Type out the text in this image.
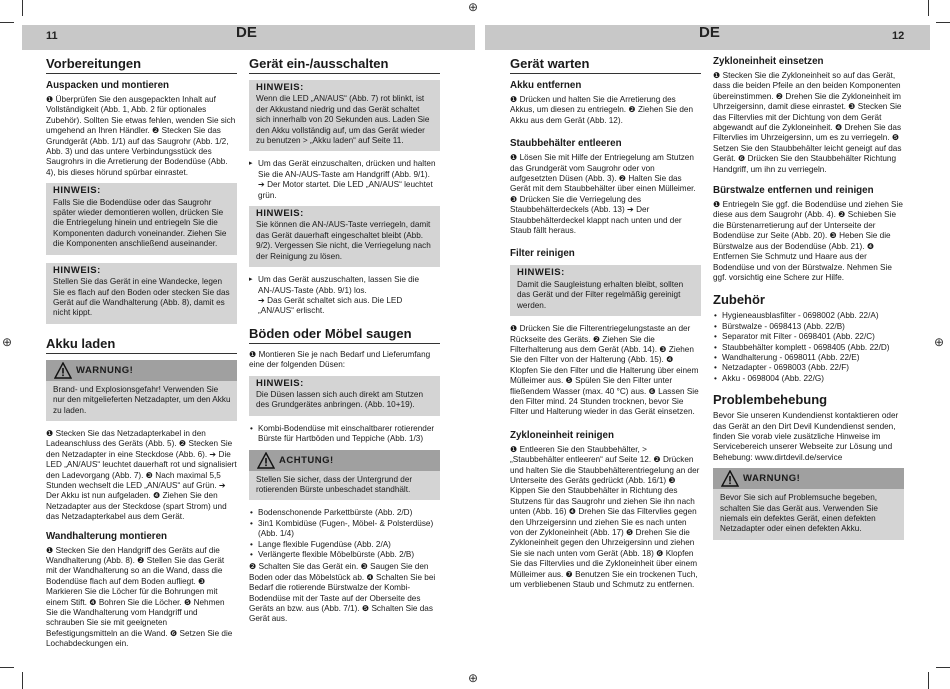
⊕
⊕
⊕	⊕
11	DE	DE	12
Vorbereitungen
Auspacken und montieren
❶ Überprüfen Sie den ausgepackten Inhalt auf Vollständigkeit (Abb. 1, Abb. 2 für optionales Zubehör). Sollten Sie etwas fehlen, wenden Sie sich umgehend an Ihren Händler. ❷ Stecken Sie das Grundgerät (Abb. 1/1) auf das Saugrohr (Abb. 1/2, Abb. 3) und das untere Verbindungsstück des Saugrohrs in die Arretierung der Bodendüse (Abb. 4), bis dieses hörund spürbar einrastet.
HINWEIS:
Falls Sie die Bodendüse oder das Saugrohr später wieder demontieren wollen, drücken Sie die Entriegelung hinein und entriegeln Sie die Komponenten dadurch voneinander. Ziehen Sie die Komponenten anschließend auseinander.
HINWEIS:
Stellen Sie das Gerät in eine Wandecke, legen Sie es flach auf den Boden oder stecken Sie das Gerät auf die Wandhalterung (Abb. 8), damit es nicht kippt.
Akku laden
WARNUNG!
Brand- und Explosionsgefahr! Verwenden Sie nur den mitgelieferten Netzadapter, um den Akku zu laden.
❶ Stecken Sie das Netzadapterkabel in den Ladeanschluss des Geräts (Abb. 5). ❷ Stecken Sie den Netzadapter in eine Steckdose (Abb. 6). ➔ Die LED „AN/AUS“ leuchtet dauerhaft rot und signalisiert den Ladevorgang (Abb. 7). ❸ Nach maximal 5,5 Stunden wechselt die LED „AN/AUS“ auf Grün. ➔ Der Akku ist nun aufgeladen. ❹ Ziehen Sie den Netzadapter aus der Steckdose (spart Strom) und das Netzadapterkabel aus dem Gerät.
Wandhalterung montieren
❶ Stecken Sie den Handgriff des Geräts auf die Wandhalterung (Abb. 8). ❷ Stellen Sie das Gerät mit der Wandhalterung so an die Wand, dass die Bodendüse flach auf dem Boden aufliegt. ❸ Markieren Sie die Löcher für die Bohrungen mit einem Stift. ❹ Bohren Sie die Löcher. ❺ Nehmen Sie die Wandhalterung vom Handgriff und schrauben Sie sie mit geeigneten Befestigungsmitteln an die Wand. ❻ Setzen Sie die Lochabdeckungen ein.
Gerät ein-/ausschalten
HINWEIS:
Wenn die LED „AN/AUS“ (Abb. 7) rot blinkt, ist der Akkustand niedrig und das Gerät schaltet sich innerhalb von 20 Sekunden aus. Laden Sie den Akku vollständig auf, um das Gerät wieder zu benutzen > „Akku laden“ auf Seite 11.
▸ Um das Gerät einzuschalten, drücken und halten Sie die AN-/AUS-Taste am Handgriff (Abb. 9/1).
➔ Der Motor startet. Die LED „AN/AUS“ leuchtet grün.
HINWEIS:
Sie können die AN-/AUS-Taste verriegeln, damit das Gerät dauerhaft eingeschaltet bleibt (Abb. 9/2). Vergessen Sie nicht, die Verriegelung nach der Reinigung zu lösen.
▸ Um das Gerät auszuschalten, lassen Sie die AN-/AUS-Taste (Abb. 9/1) los.
➔ Das Gerät schaltet sich aus. Die LED „AN/AUS“ erlischt.
Böden oder Möbel saugen
❶ Montieren Sie je nach Bedarf und Lieferumfang eine der folgenden Düsen:
HINWEIS:
Die Düsen lassen sich auch direkt am Stutzen des Grundgerätes anbringen. (Abb. 10+19).
• Kombi-Bodendüse mit einschaltbarer rotierender Bürste für Hartböden und Teppiche (Abb. 1/3)
ACHTUNG!
Stellen Sie sicher, dass der Untergrund der rotierenden Bürste unbeschadet standhält.
• Bodenschonende Parkettbürste (Abb. 2/D)
• 3in1 Kombidüse (Fugen-, Möbel- & Polsterdüse) (Abb. 1/4)
• Lange flexible Fugendüse (Abb. 2/A)
• Verlängerte flexible Möbelbürste (Abb. 2/B)
❷ Schalten Sie das Gerät ein. ❸ Saugen Sie den Boden oder das Möbelstück ab. ❹ Schalten Sie bei Bedarf die rotierende Bürstwalze der Kombi-Bodendüse mit der Taste auf der Oberseite des Geräts an bzw. aus (Abb. 7/1). ❺ Schalten Sie das Gerät aus.
Gerät warten
Akku entfernen
❶ Drücken und halten Sie die Arretierung des Akkus, um diesen zu entriegeln. ❷ Ziehen Sie den Akku aus dem Gerät (Abb. 12).
Staubbehälter entleeren
❶ Lösen Sie mit Hilfe der Entriegelung am Stutzen das Grundgerät vom Saugrohr oder von aufgesetzten Düsen (Abb. 3). ❷ Halten Sie das Gerät mit dem Staubbehälter über einen Mülleimer. ❸ Drücken Sie die Verriegelung des Staubbehälterdeckels (Abb. 13) ➔ Der Staubbehälterdeckel klappt nach unten und der Staub fällt heraus.
Filter reinigen
HINWEIS:
Damit die Saugleistung erhalten bleibt, sollten das Gerät und der Filter regelmäßig gereinigt werden.
❶ Drücken Sie die Filterentriegelungstaste an der Rückseite des Geräts. ❷ Ziehen Sie die Filterhalterung aus dem Gerät (Abb. 14). ❸ Ziehen Sie den Filter von der Halterung (Abb. 15). ❹ Klopfen Sie den Filter und die Halterung über einem Mülleimer aus. ❺ Spülen Sie den Filter unter fließendem Wasser (max. 40 °C) aus. ❻ Lassen Sie den Filter mind. 24 Stunden trocknen, bevor Sie Filter und Halterung wieder in das Gerät einsetzen.
Zykloneinheit reinigen
❶ Entleeren Sie den Staubbehälter, > „Staubbehälter entleeren“ auf Seite 12. ❷ Drücken und halten Sie die Staubbehälterentriegelung an der Unterseite des Geräts gedrückt (Abb. 16/1) ❸ Kippen Sie den Staubbehälter in Richtung des Stutzens für das Saugrohr und ziehen Sie ihn nach unten (Abb. 16) ❹ Drehen Sie das Filtervlies gegen den Uhrzeigersinn und ziehen Sie es nach unten von der Zykloneinheit (Abb. 17) ❺ Drehen Sie die Zykloneinheit gegen den Uhrzeigersinn und ziehen Sie sie nach unten vom Gerät (Abb. 18) ❻ Klopfen Sie das Filtervlies und die Zykloneinheit über einem Mülleimer aus. ❼ Benutzen Sie ein trockenen Tuch, um verbliebenen Staub und Schmutz zu entfernen.
Zykloneinheit einsetzen
❶ Stecken Sie die Zykloneinheit so auf das Gerät, dass die beiden Pfeile an den beiden Komponenten übereinstimmen. ❷ Drehen Sie die Zykloneinheit im Uhrzeigersinn, damit diese einrastet. ❸ Stecken Sie das Filtervlies mit der Dichtung von dem Gerät abgewandt auf die Zykloneinheit. ❹ Drehen Sie das Filtervlies im Uhrzeigersinn, um es zu verriegeln. ❺ Setzen Sie den Staubbehälter leicht geneigt auf das Gerät. ❻ Drücken Sie den Staubbehälter Richtung Handgriff, um ihn zu verriegeln.
Bürstwalze entfernen und reinigen
❶ Entriegeln Sie ggf. die Bodendüse und ziehen Sie diese aus dem Saugrohr (Abb. 4). ❷ Schieben Sie die Bürstenarretierung auf der Unterseite der Bodendüse zur Seite (Abb. 20). ❸ Heben Sie die Bürstwalze aus der Bodendüse (Abb. 21). ❹ Entfernen Sie Schmutz und Haare aus der Bodendüse und von der Bürstwalze. Nehmen Sie ggf. vorsichtig eine Schere zur Hilfe.
Zubehör
• Hygieneausblasfilter - 0698002 (Abb. 22/A)
• Bürstwalze - 0698413 (Abb. 22/B)
• Separator mit Filter - 0698401 (Abb. 22/C)
• Staubbehälter komplett - 0698405 (Abb. 22/D)
• Wandhalterung - 0698011 (Abb. 22/E)
• Netzadapter - 0698003 (Abb. 22/F)
• Akku - 0698004 (Abb. 22/G)
Problembehebung
Bevor Sie unseren Kundendienst kontaktieren oder das Gerät an den Dirt Devil Kundendienst senden, finden Sie vorab viele zusätzliche Hinweise im Servicebereich unserer Webseite zur Lösung und Behebung: www.dirtdevil.de/service
WARNUNG!
Bevor Sie sich auf Problemsuche begeben, schalten Sie das Gerät aus. Verwenden Sie niemals ein defektes Gerät, einen defekten Netzadapter oder einen defekten Akku.
